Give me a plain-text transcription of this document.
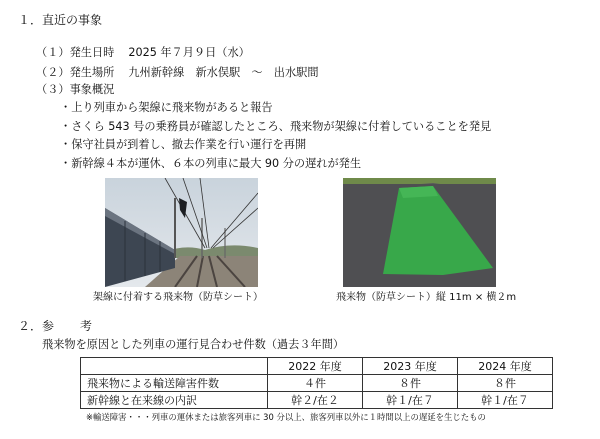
１．直近の事象
（１）発生日時 2025 年７月９日（水）
（２）発生場所 九州新幹線　新水俣駅　～　出水駅間
（３）事象概況
・上り列車から架線に飛来物があると報告
・さくら 543 号の乗務員が確認したところ、飛来物が架線に付着していることを発見
・保守社員が到着し、撤去作業を行い運行を再開
・新幹線４本が運休、６本の列車に最大 90 分の遅れが発生
架線に付着する飛来物（防草シート）	飛来物（防草シート）縦 11m × 横２m
２．参 考
飛来物を原因とした列車の運行見合わせ件数（過去３年間）
	2022 年度	2023 年度	2024 年度
飛来物による輸送障害件数	４件	８件	８件
新幹線と在来線の内訳	幹２/在２	幹１/在７	幹１/在７
※輸送障害・・・列車の運休または旅客列車に 30 分以上、旅客列車以外に１時間以上の遅延を生じたもの
